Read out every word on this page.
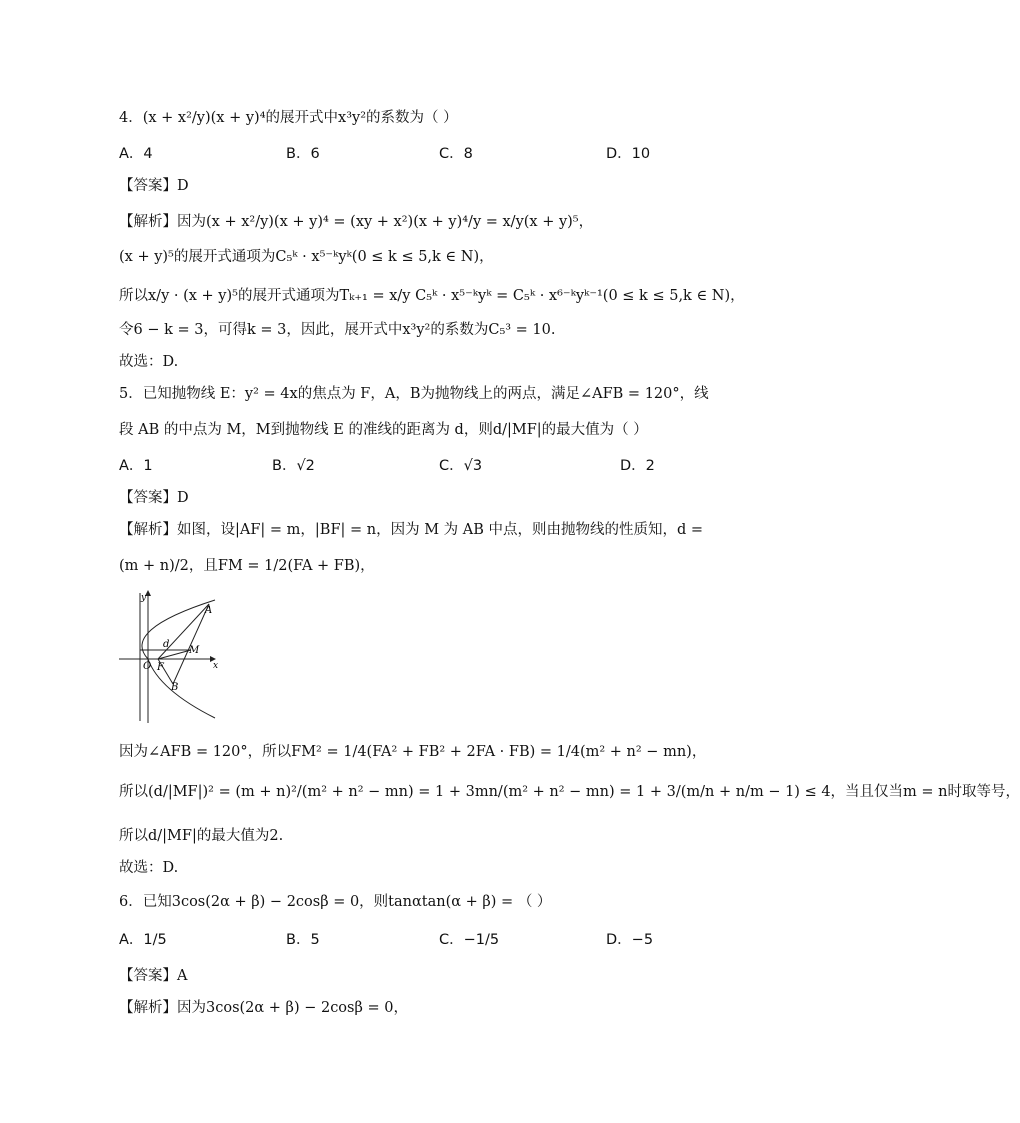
4．(x + x²/y)(x + y)⁴的展开式中x³y²的系数为（ ）
A．4	B．6	C．8	D．10
【答案】D
【解析】因为(x + x²/y)(x + y)⁴ = (xy + x²)(x + y)⁴/y = x/y(x + y)⁵，
(x + y)⁵的展开式通项为C₅ᵏ · x⁵⁻ᵏyᵏ(0 ≤ k ≤ 5,k ∈ N)，
所以x/y · (x + y)⁵的展开式通项为Tₖ₊₁ = x/y C₅ᵏ · x⁵⁻ᵏyᵏ = C₅ᵏ · x⁶⁻ᵏyᵏ⁻¹(0 ≤ k ≤ 5,k ∈ N)，
令6 − k = 3，可得k = 3，因此，展开式中x³y²的系数为C₅³ = 10.
故选：D.
5．已知抛物线 E：y² = 4x的焦点为 F，A，B为抛物线上的两点，满足∠AFB = 120°，线
段 AB 的中点为 M，M到抛物线 E 的准线的距离为 d，则d/|MF|的最大值为（ ）
A．1	B．√2	C．√3	D．2
【答案】D
【解析】如图，设|AF| = m，|BF| = n，因为 M 为 AB 中点，则由抛物线的性质知，d =
(m + n)/2，且FM = 1/2(FA + FB)，
y
x
A
B
M
d
O F
因为∠AFB = 120°，所以FM² = 1/4(FA² + FB² + 2FA · FB) = 1/4(m² + n² − mn)，
所以(d/|MF|)² = (m + n)²/(m² + n² − mn) = 1 + 3mn/(m² + n² − mn) = 1 + 3/(m/n + n/m − 1) ≤ 4，当且仅当m = n时取等号，
所以d/|MF|的最大值为2.
故选：D.
6．已知3cos(2α + β) − 2cosβ = 0，则tanαtan(α + β) = （ ）
A．1/5	B．5	C．−1/5	D．−5
【答案】A
【解析】因为3cos(2α + β) − 2cosβ = 0，
